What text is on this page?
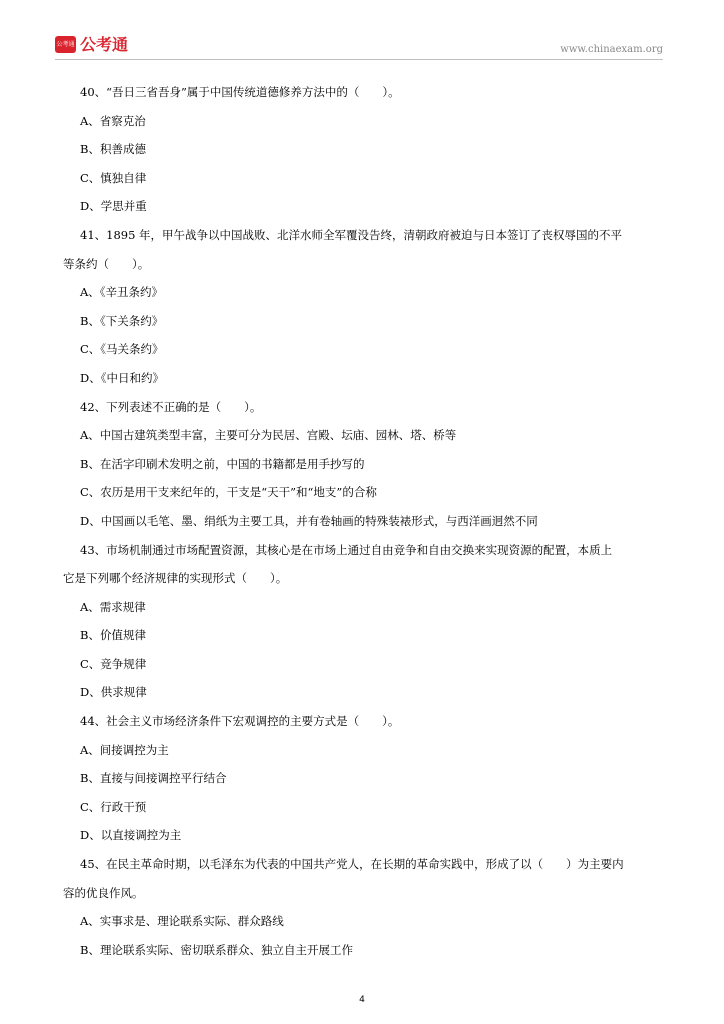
公考通 公考通	www.chinaexam.org

40、“吾日三省吾身”属于中国传统道德修养方法中的（　　）。

A、省察克治

B、积善成德

C、慎独自律

D、学思并重

41、1895 年，甲午战争以中国战败、北洋水师全军覆没告终，清朝政府被迫与日本签订了丧权辱国的不平
等条约（　　）。

A、《辛丑条约》

B、《下关条约》

C、《马关条约》

D、《中日和约》

42、下列表述不正确的是（　　）。

A、中国古建筑类型丰富，主要可分为民居、宫殿、坛庙、园林、塔、桥等

B、在活字印刷术发明之前，中国的书籍都是用手抄写的

C、农历是用干支来纪年的，干支是“天干”和“地支”的合称

D、中国画以毛笔、墨、绢纸为主要工具，并有卷轴画的特殊装裱形式，与西洋画迥然不同

43、市场机制通过市场配置资源，其核心是在市场上通过自由竞争和自由交换来实现资源的配置，本质上
它是下列哪个经济规律的实现形式（　　）。

A、需求规律

B、价值规律

C、竞争规律

D、供求规律

44、社会主义市场经济条件下宏观调控的主要方式是（　　）。

A、间接调控为主

B、直接与间接调控平行结合

C、行政干预

D、以直接调控为主

45、在民主革命时期，以毛泽东为代表的中国共产党人，在长期的革命实践中，形成了以（　　）为主要内
容的优良作风。

A、实事求是、理论联系实际、群众路线

B、理论联系实际、密切联系群众、独立自主开展工作

4
